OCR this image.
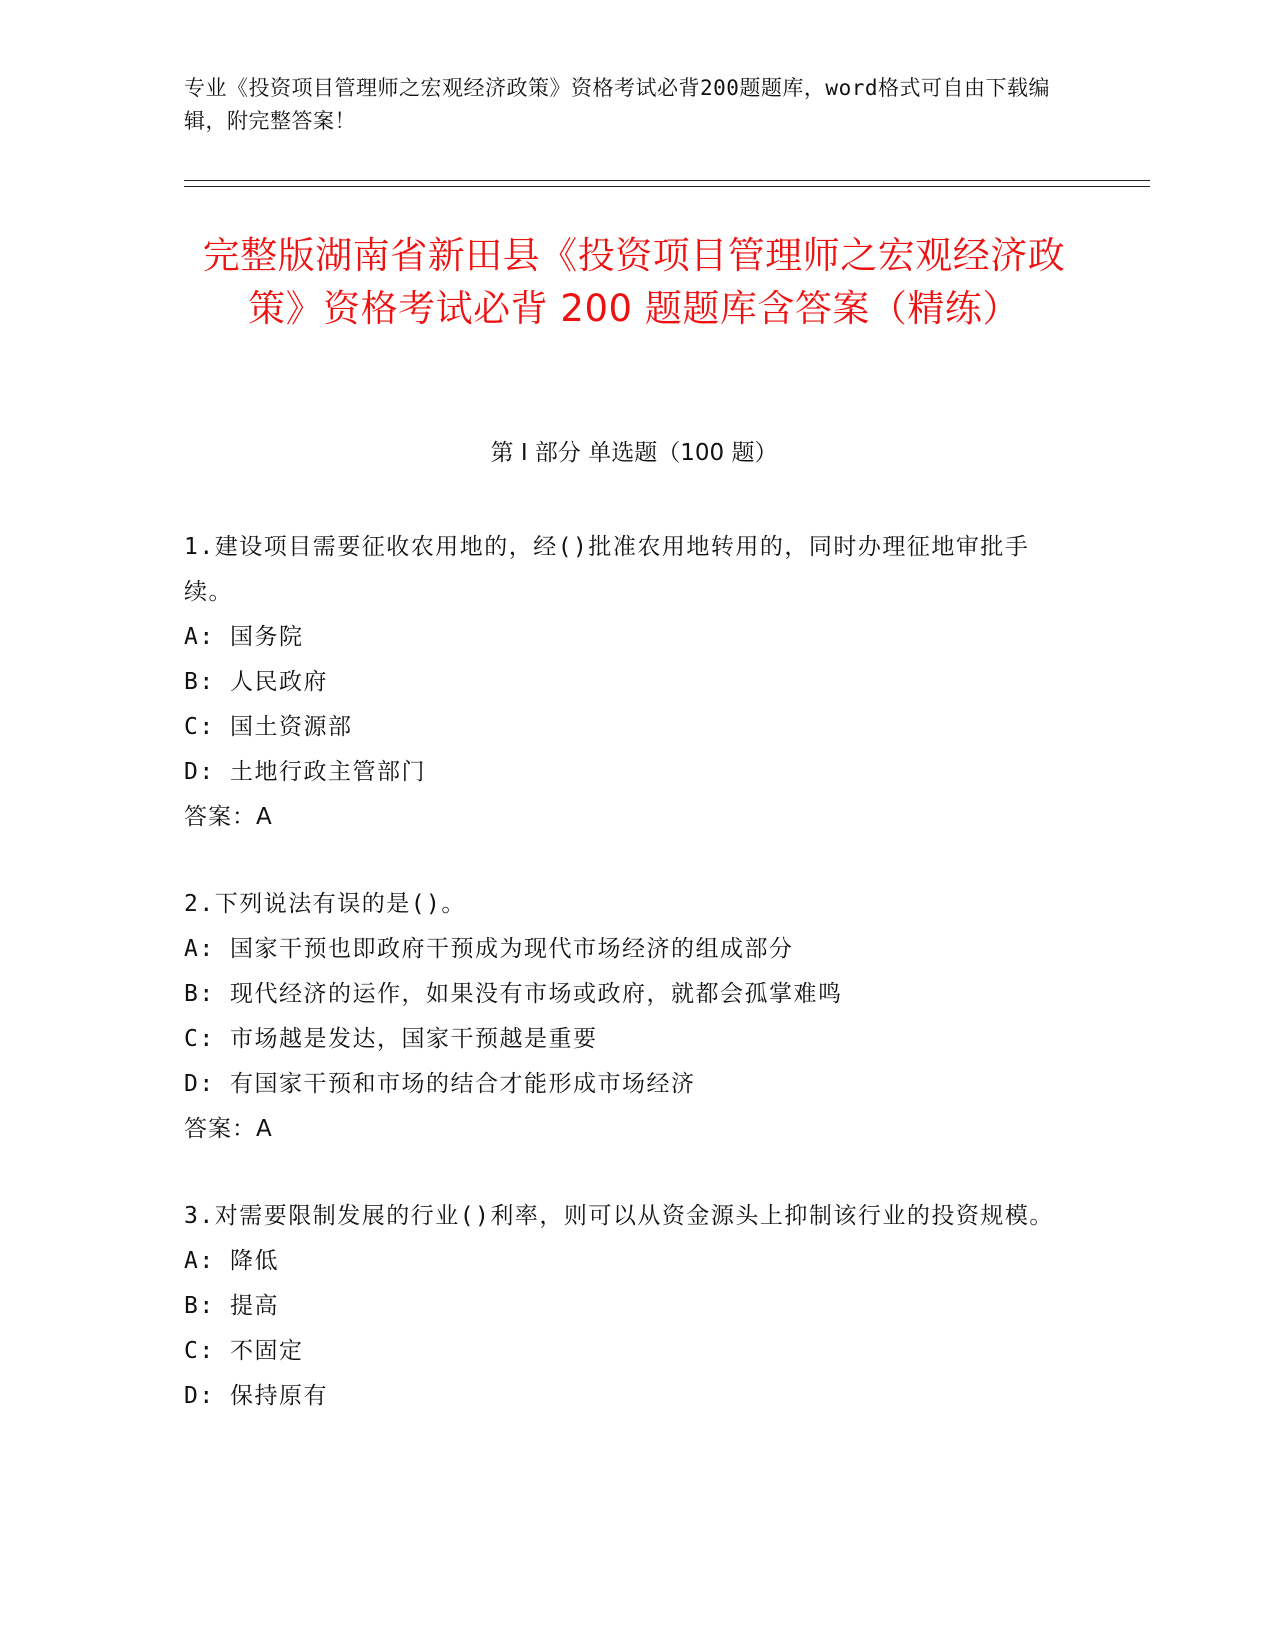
专业《投资项目管理师之宏观经济政策》资格考试必背200题题库，word格式可自由下载编辑，附完整答案！
完整版湖南省新田县《投资项目管理师之宏观经济政策》资格考试必背 200 题题库含答案（精练）
第 I 部分 单选题（100 题）
1.建设项目需要征收农用地的，经()批准农用地转用的，同时办理征地审批手续。
A: 国务院
B: 人民政府
C: 国土资源部
D: 土地行政主管部门
答案：A
2.下列说法有误的是()。
A: 国家干预也即政府干预成为现代市场经济的组成部分
B: 现代经济的运作，如果没有市场或政府，就都会孤掌难鸣
C: 市场越是发达，国家干预越是重要
D: 有国家干预和市场的结合才能形成市场经济
答案：A
3.对需要限制发展的行业()利率，则可以从资金源头上抑制该行业的投资规模。
A: 降低
B: 提高
C: 不固定
D: 保持原有
